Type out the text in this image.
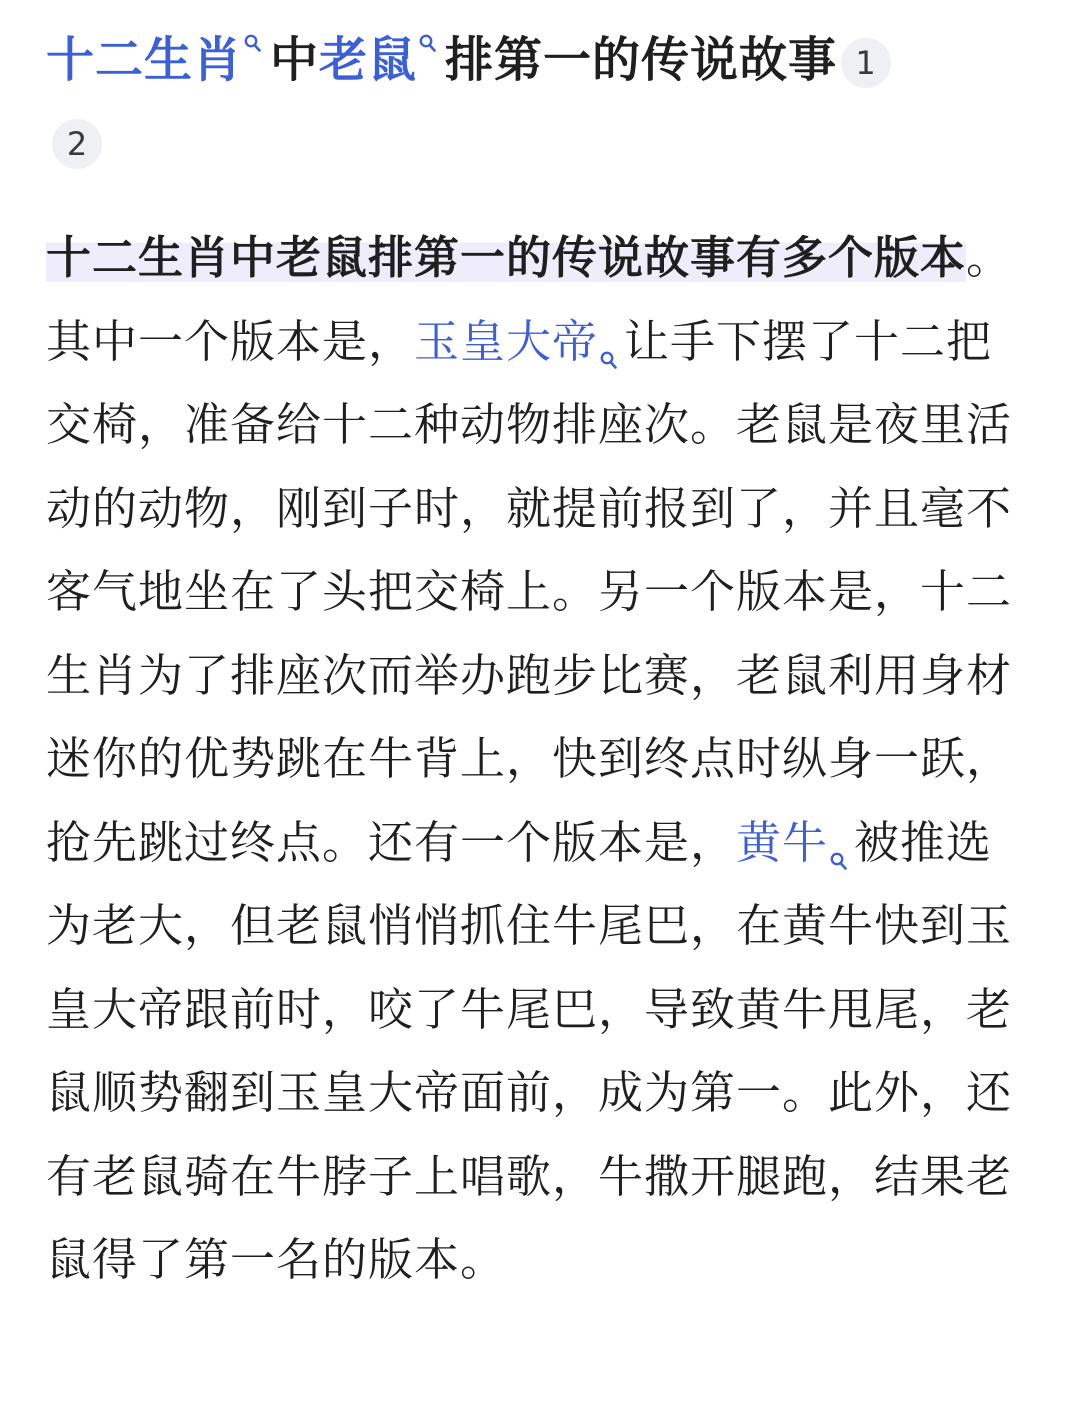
十二生肖 中老鼠 排第一的传说故事 1
2
十二生肖中老鼠排第一的传说故事有多个版本。其中一个版本是，玉皇大帝 让手下摆了十二把交椅，准备给十二种动物排座次。老鼠是夜里活动的动物，刚到子时，就提前报到了，并且毫不客气地坐在了头把交椅上。另一个版本是，十二生肖为了排座次而举办跑步比赛，老鼠利用身材迷你的优势跳在牛背上，快到终点时纵身一跃，抢先跳过终点。还有一个版本是，黄牛 被推选为老大，但老鼠悄悄抓住牛尾巴，在黄牛快到玉皇大帝跟前时，咬了牛尾巴，导致黄牛甩尾，老鼠顺势翻到玉皇大帝面前，成为第一。此外，还有老鼠骑在牛脖子上唱歌，牛撒开腿跑，结果老鼠得了第一名的版本。
